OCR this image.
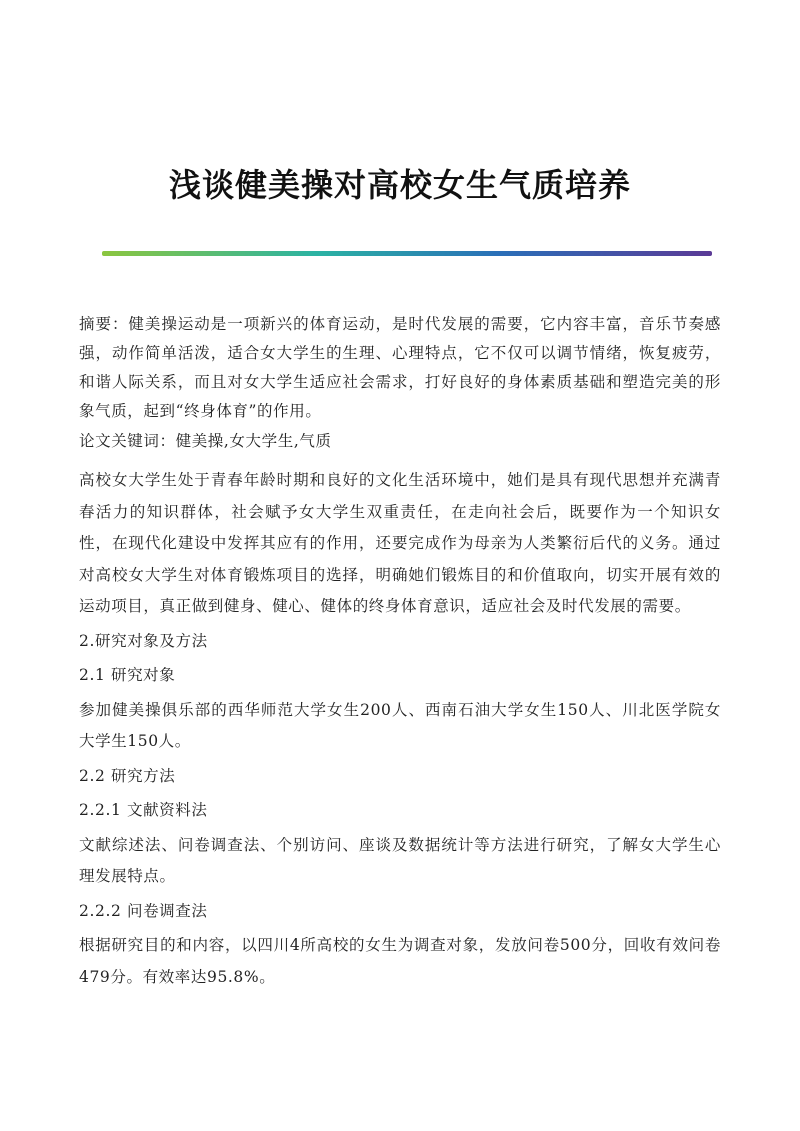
浅谈健美操对高校女生气质培养

摘要：健美操运动是一项新兴的体育运动，是时代发展的需要，它内容丰富，音乐节奏感强，动作简单活泼，适合女大学生的生理、心理特点，它不仅可以调节情绪，恢复疲劳，和谐人际关系，而且对女大学生适应社会需求，打好良好的身体素质基础和塑造完美的形象气质，起到“终身体育”的作用。

论文关键词：健美操,女大学生,气质

高校女大学生处于青春年龄时期和良好的文化生活环境中，她们是具有现代思想并充满青春活力的知识群体，社会赋予女大学生双重责任，在走向社会后，既要作为一个知识女性，在现代化建设中发挥其应有的作用，还要完成作为母亲为人类繁衍后代的义务。通过对高校女大学生对体育锻炼项目的选择，明确她们锻炼目的和价值取向，切实开展有效的运动项目，真正做到健身、健心、健体的终身体育意识，适应社会及时代发展的需要。

2.研究对象及方法

2.1 研究对象

参加健美操俱乐部的西华师范大学女生200人、西南石油大学女生150人、川北医学院女大学生150人。

2.2 研究方法

2.2.1 文献资料法

文献综述法、问卷调查法、个别访问、座谈及数据统计等方法进行研究，了解女大学生心理发展特点。

2.2.2 问卷调查法

根据研究目的和内容，以四川4所高校的女生为调查对象，发放问卷500分，回收有效问卷479分。有效率达95.8%。
